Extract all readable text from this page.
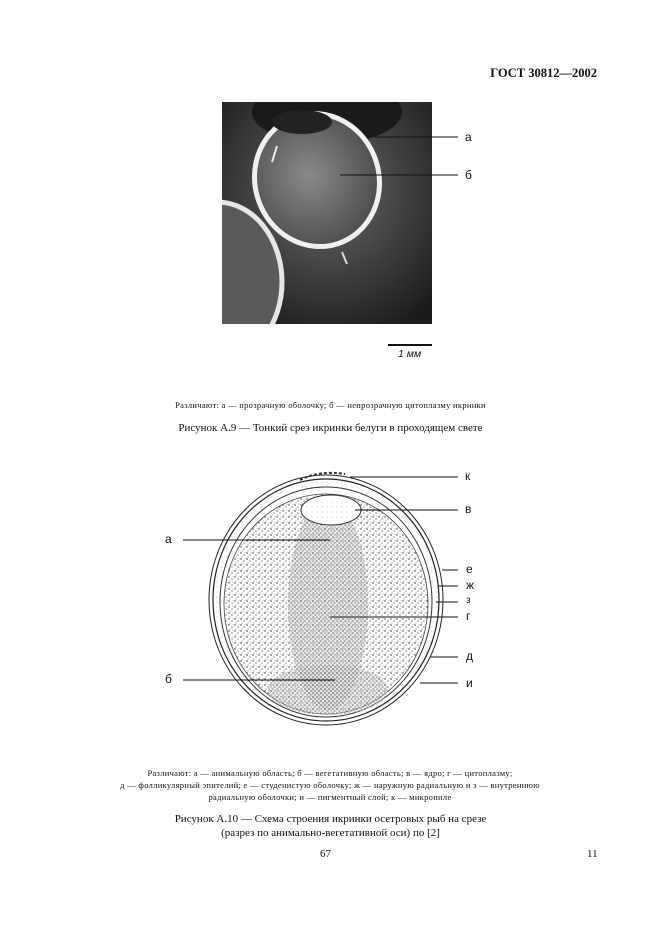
ГОСТ 30812—2002
а
б
1 мм
Различают: а — прозрачную оболочку; б — непрозрачную цитоплазму икринки
Рисунок А.9 — Тонкий срез икринки белуги в проходящем свете
к
в
а
е
ж
з
г
д
б	и
Различают: а — анимальную область; б — вегетативную область; в — ядро; г — цитоплазму;
д — фолликулярный эпителий; е — студенистую оболочку; ж — наружную радиальную и з — внутреннюю
радиальную оболочки; и — пигментный слой; к — микропиле
Рисунок А.10 — Схема строения икринки осетровых рыб на срезе
(разрез по анимально-вегетативной оси) по [2]
67	11
